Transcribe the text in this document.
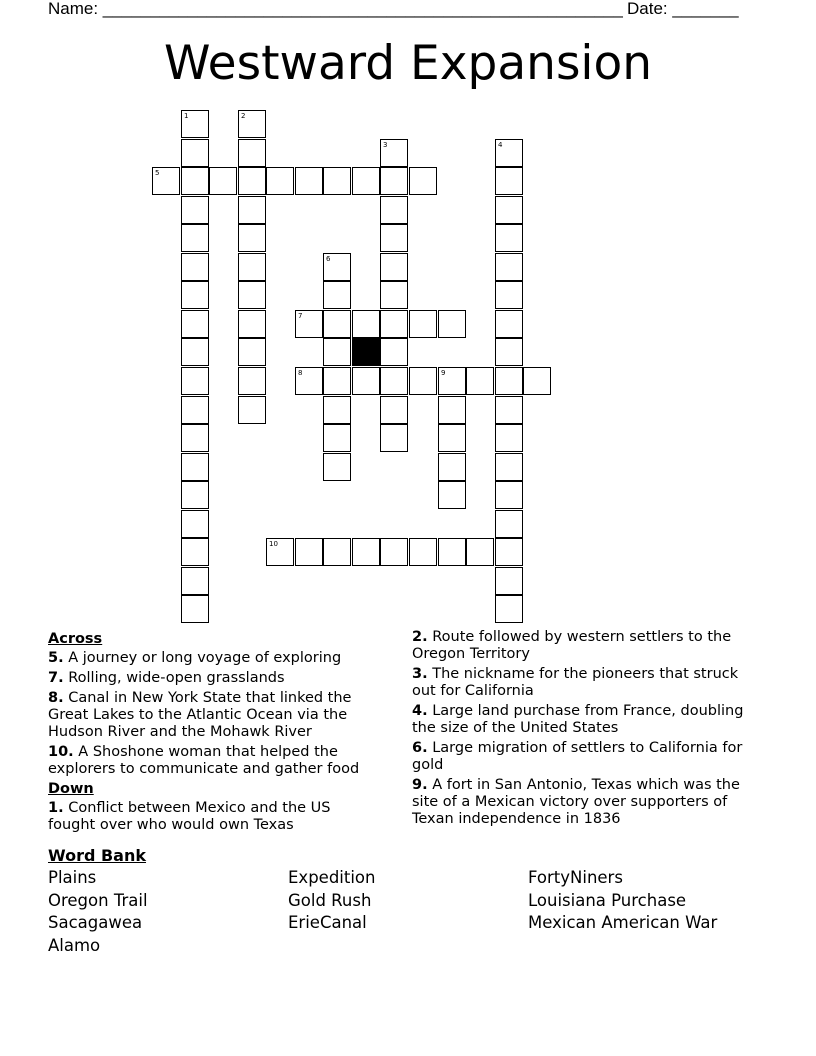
Name: _______________________________________________________ Date: _______
Westward Expansion
1	2
3	4
5
6
7
8	9
10
Across
5. A journey or long voyage of exploring
7. Rolling, wide-open grasslands
8. Canal in New York State that linked the Great Lakes to the Atlantic Ocean via the Hudson River and the Mohawk River
10. A Shoshone woman that helped the explorers to communicate and gather food
Down
1. Conflict between Mexico and the US fought over who would own Texas
2. Route followed by western settlers to the Oregon Territory
3. The nickname for the pioneers that struck out for California
4. Large land purchase from France, doubling the size of the United States
6. Large migration of settlers to California for gold
9. A fort in San Antonio, Texas which was the site of a Mexican victory over supporters of Texan independence in 1836
Word Bank
Plains
Oregon Trail
Sacagawea
Alamo
Expedition
Gold Rush
ErieCanal
FortyNiners
Louisiana Purchase
Mexican American War
